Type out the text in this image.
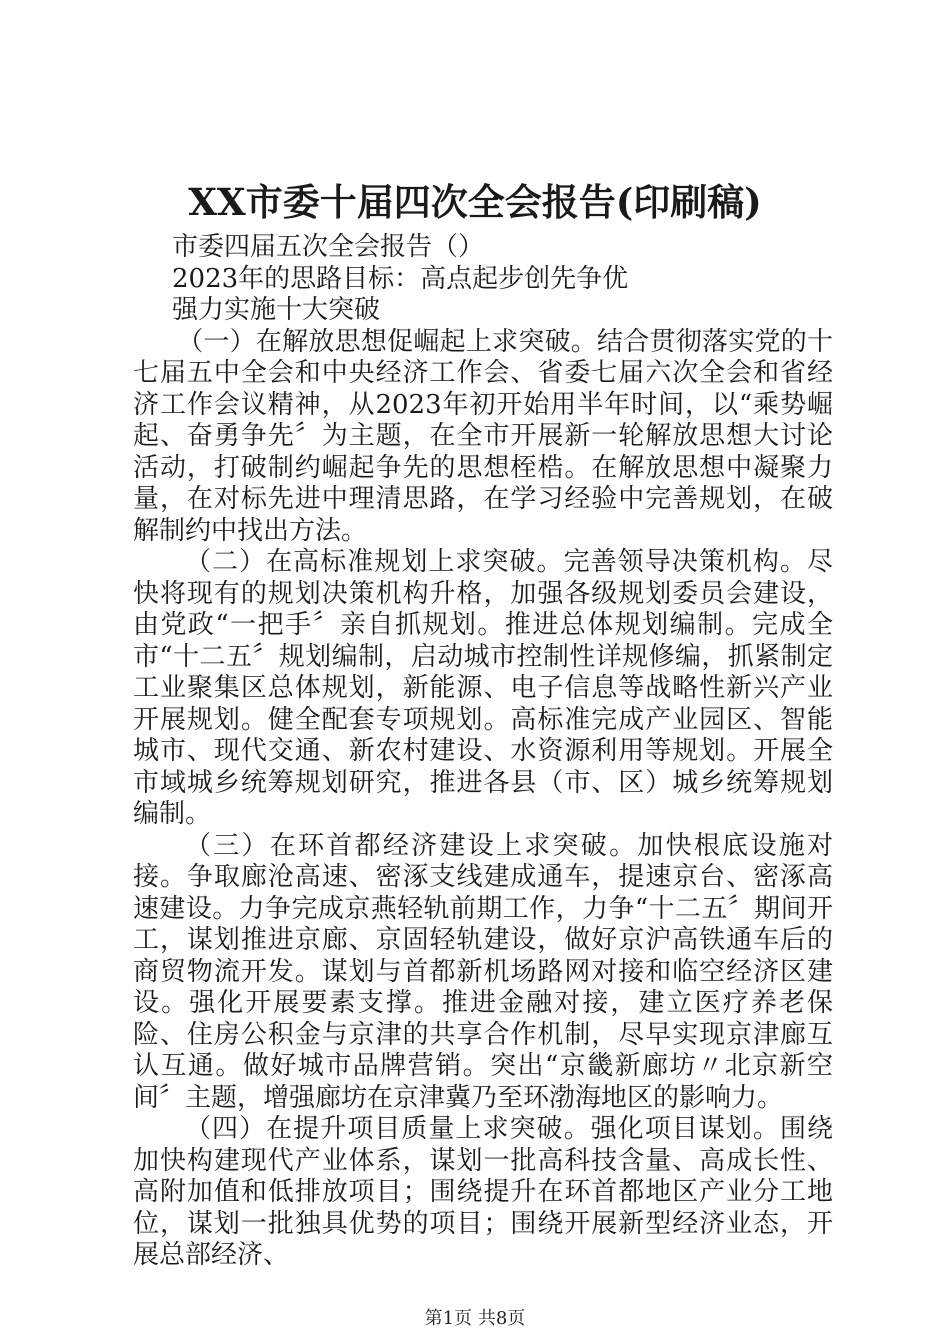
XX市委十届四次全会报告(印刷稿)

市委四届五次全会报告（）

2023年的思路目标：高点起步创先争优

强力实施十大突破

（一）在解放思想促崛起上求突破。结合贯彻落实党的十七届五中全会和中央经济工作会、省委七届六次全会和省经济工作会议精神，从2023年初开始用半年时间，以“乘势崛起、奋勇争先〞为主题，在全市开展新一轮解放思想大讨论活动，打破制约崛起争先的思想桎梏。在解放思想中凝聚力量，在对标先进中理清思路，在学习经验中完善规划，在破解制约中找出方法。

（二）在高标准规划上求突破。完善领导决策机构。尽快将现有的规划决策机构升格，加强各级规划委员会建设，由党政“一把手〞亲自抓规划。推进总体规划编制。完成全市“十二五〞规划编制，启动城市控制性详规修编，抓紧制定工业聚集区总体规划，新能源、电子信息等战略性新兴产业开展规划。健全配套专项规划。高标准完成产业园区、智能城市、现代交通、新农村建设、水资源利用等规划。开展全市域城乡统筹规划研究，推进各县（市、区）城乡统筹规划编制。

（三）在环首都经济建设上求突破。加快根底设施对接。争取廊沧高速、密涿支线建成通车，提速京台、密涿高速建设。力争完成京燕轻轨前期工作，力争“十二五〞期间开工，谋划推进京廊、京固轻轨建设，做好京沪高铁通车后的商贸物流开发。谋划与首都新机场路网对接和临空经济区建设。强化开展要素支撑。推进金融对接，建立医疗养老保险、住房公积金与京津的共享合作机制，尽早实现京津廊互认互通。做好城市品牌营销。突出“京畿新廊坊〃北京新空间〞主题，增强廊坊在京津冀乃至环渤海地区的影响力。

（四）在提升项目质量上求突破。强化项目谋划。围绕加快构建现代产业体系，谋划一批高科技含量、高成长性、高附加值和低排放项目；围绕提升在环首都地区产业分工地位，谋划一批独具优势的项目；围绕开展新型经济业态，开展总部经济、

第1页 共8页
